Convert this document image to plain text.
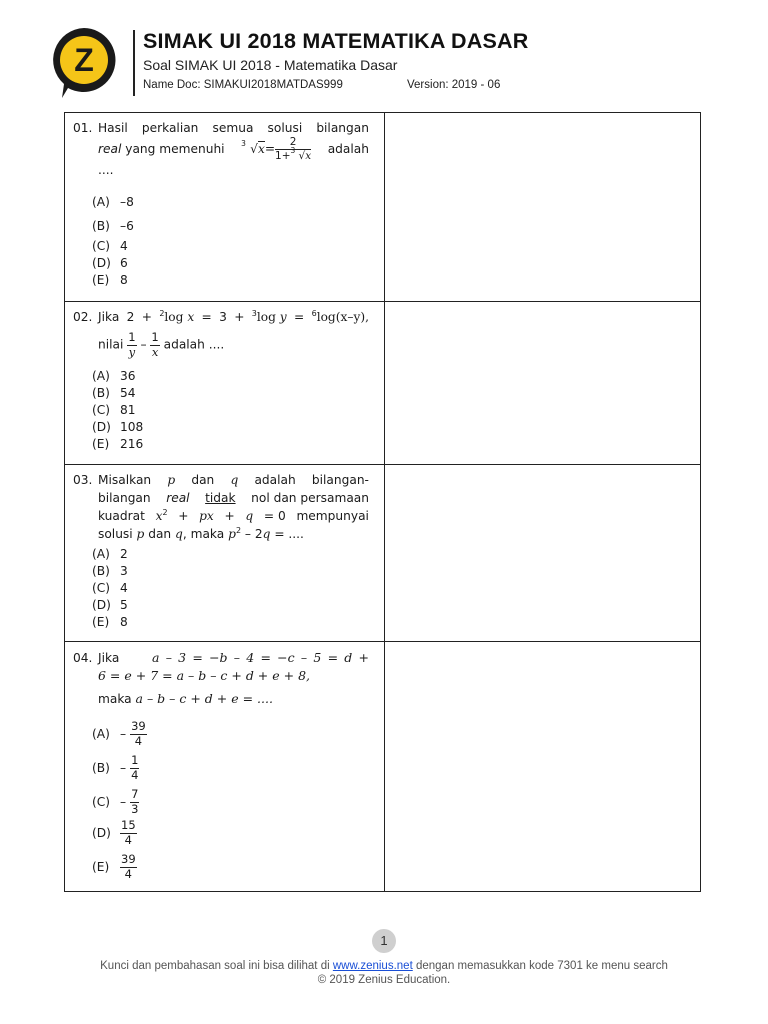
Z
SIMAK UI 2018 MATEMATIKA DASAR
Soal SIMAK UI 2018 - Matematika Dasar
Name Doc: SIMAKUI2018MATDAS999	Version: 2019 - 06
01. Hasil perkalian semua solusi bilangan
real yang memenuhi 3 $√x= \frac{2}{1+ 3 √x}$ adalah
....
(A) –8
(B) –6
(C) 4
(D) 6
(E) 8
02. Jika 2 + $^2$log x = 3 + $^3$log y = $^6$log(x–y),
nilai $\frac{1}{y} - \frac{1}{x}$ adalah ....
(A) 36
(B) 54
(C) 81
(D) 108
(E) 216
03. Misalkan p dan q adalah bilangan-
bilangan real tidak nol dan persamaan
kuadrat $x^2$ + px + q = 0 mempunyai
solusi p dan q, maka $p^2 - 2q$ = ....
(A) 2
(B) 3
(C) 4
(D) 5
(E) 8
04. Jika	a – 3 = −b – 4 = −c – 5 = d +
6 = e + 7 = a – b – c + d + e + 8,
maka a – b – c + d + e = ....
$(A) - \frac{39}{4}$
$(B) - \frac{1}{4}$
$(C) - \frac{7}{3}$
$(D) \frac{15}{4}$
$(E) \frac{39}{4}$
1
Kunci dan pembahasan soal ini bisa dilihat di www.zenius.net dengan memasukkan kode 7301 ke menu search
© 2019 Zenius Education.
